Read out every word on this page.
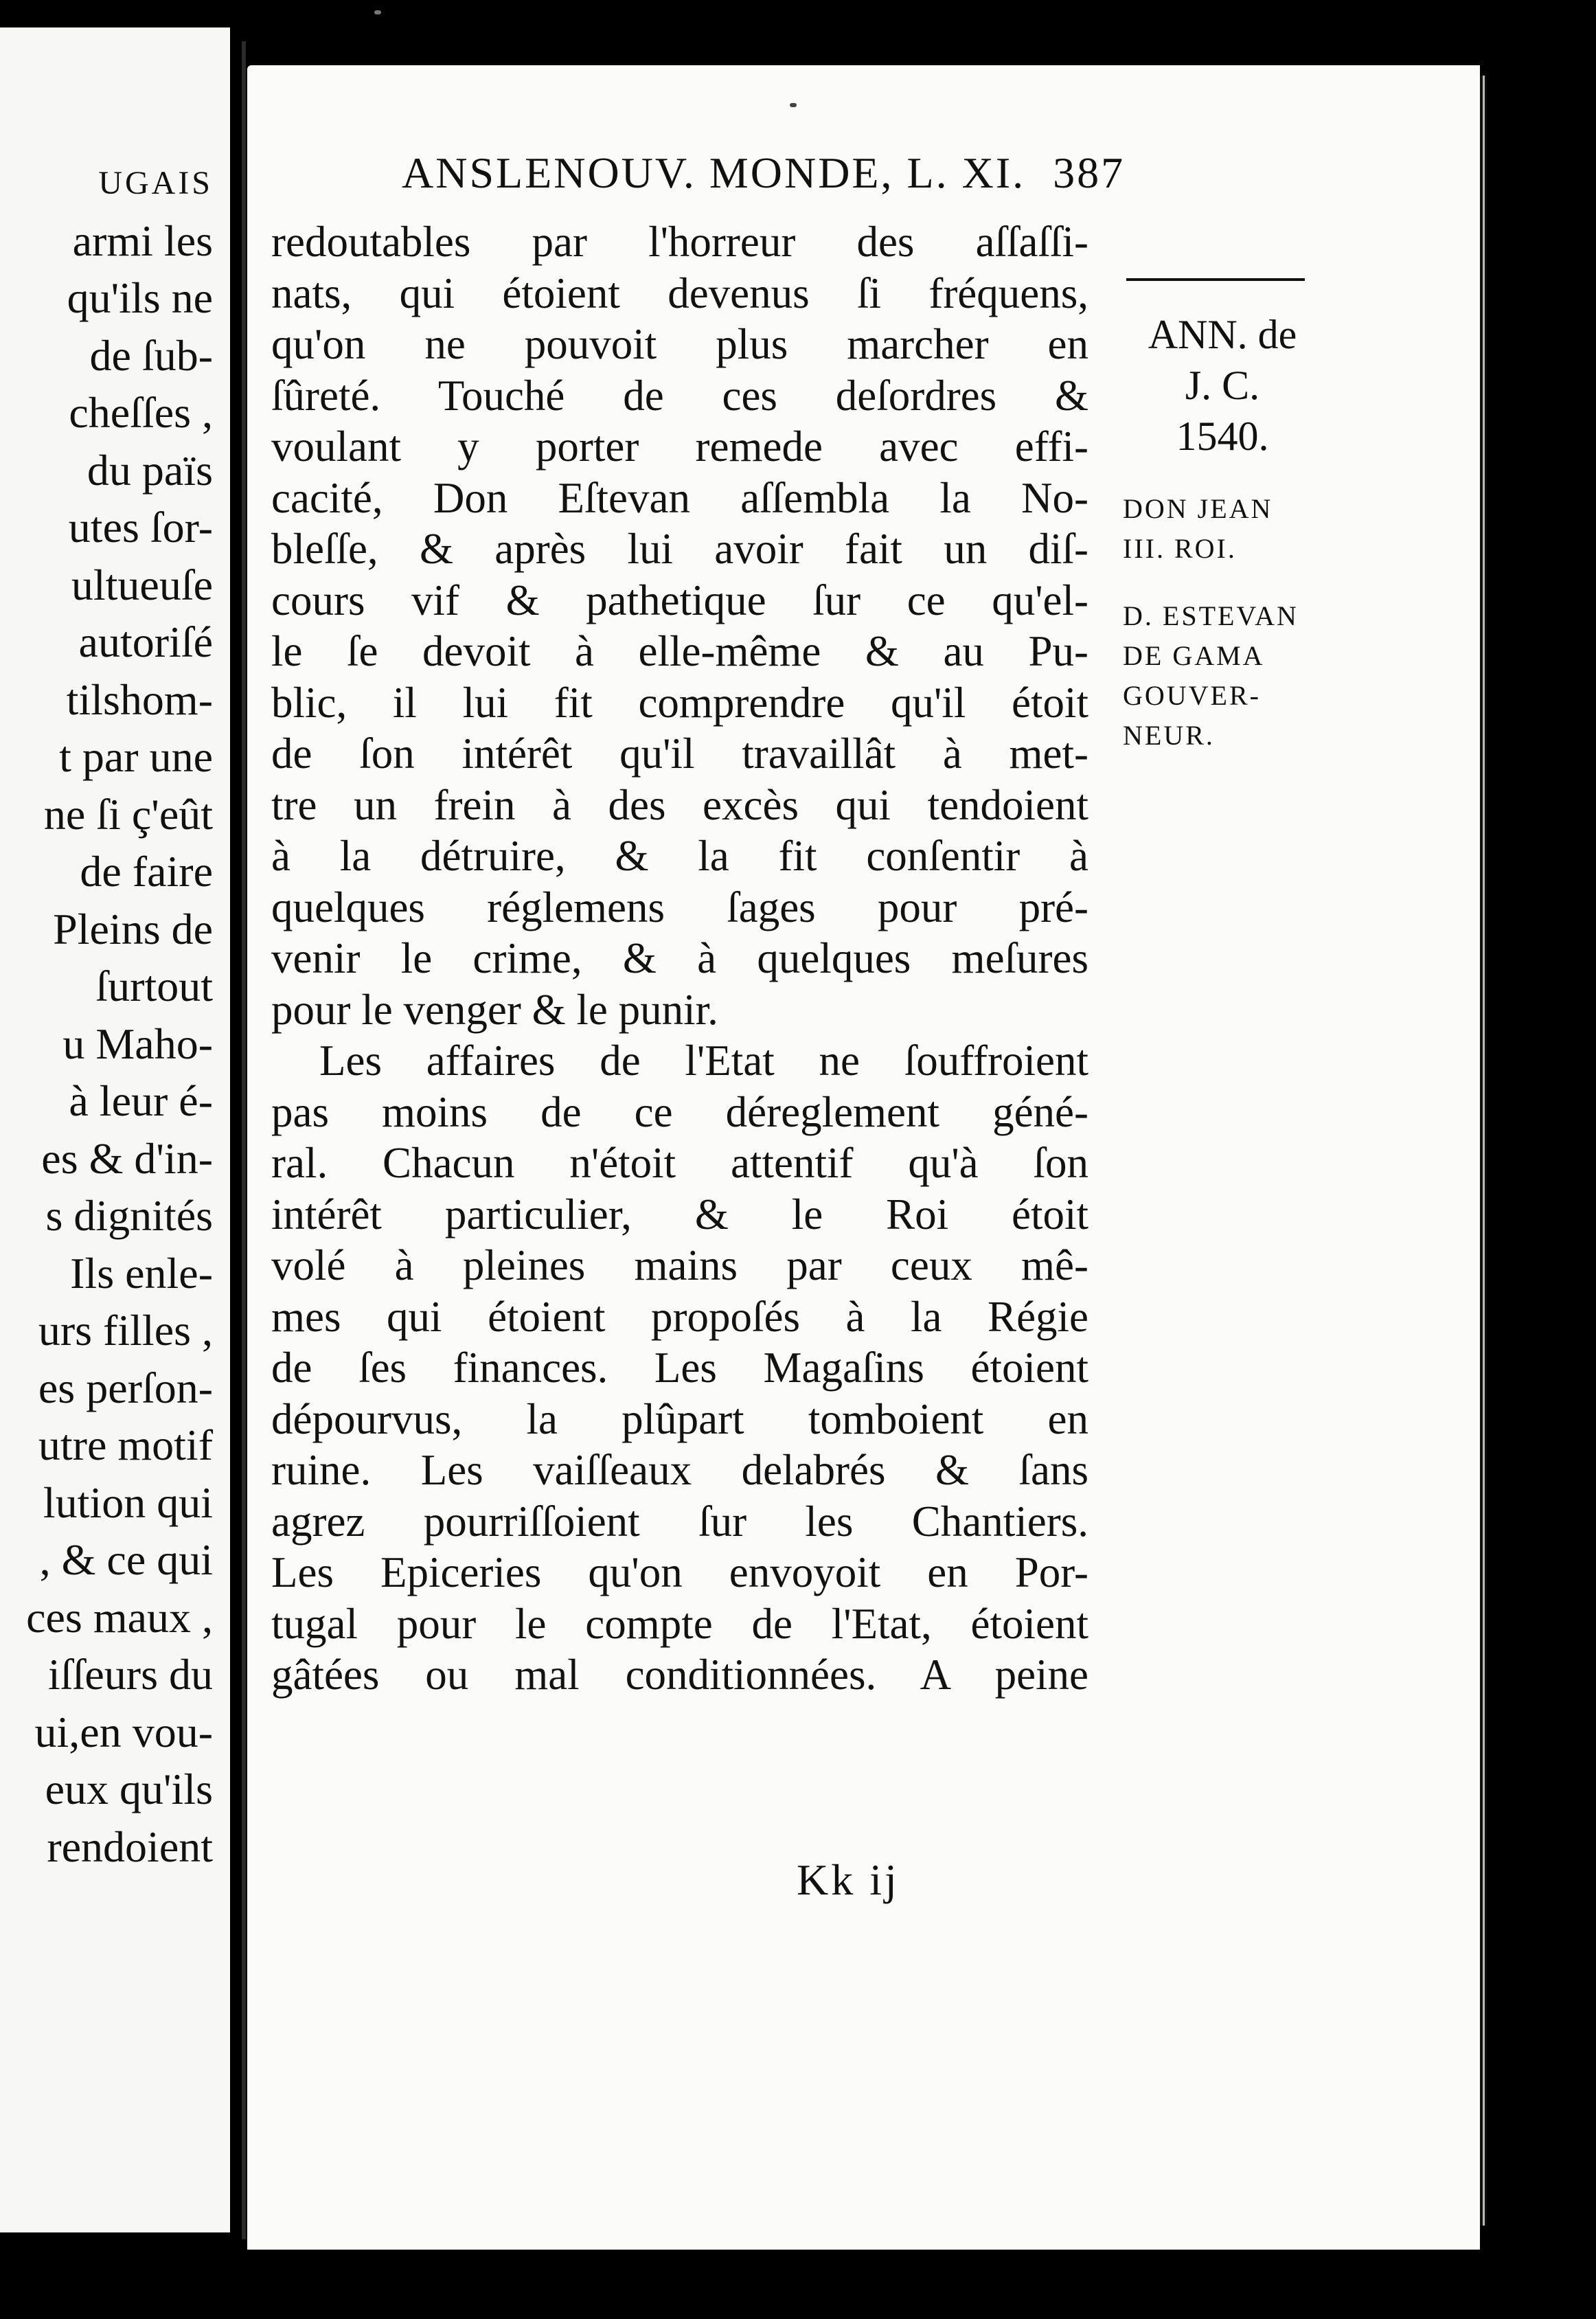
UGAIS
armi les
qu'ils ne
de ſub-
cheſſes ,
du païs
utes ſor-
ultueuſe
autoriſé
tilshom-
t par une
ne ſi ç'eût
de faire
Pleins de
ſurtout
u Maho-
à leur é-
es & d'in-
s dignités
Ils enle-
urs filles ,
es perſon-
utre motif
lution qui
, & ce qui
ces maux ,
iſſeurs du
ui,en vou-
eux qu'ils
rendoient
ANSLENOUV. MONDE, L. XI. 387
redoutables par l'horreur des aſſaſſi-
nats, qui étoient devenus ſi fréquens,
qu'on ne pouvoit plus marcher en
ſûreté. Touché de ces deſordres &
voulant y porter remede avec effi-
cacité, Don Eſtevan aſſembla la No-
bleſſe, & après lui avoir fait un diſ-
cours vif & pathetique ſur ce qu'el-
le ſe devoit à elle-même & au Pu-
blic, il lui fit comprendre qu'il étoit
de ſon intérêt qu'il travaillât à met-
tre un frein à des excès qui tendoient
à la détruire, & la fit conſentir à
quelques réglemens ſages pour pré-
venir le crime, & à quelques meſures
pour le venger & le punir.
Les affaires de l'Etat ne ſouffroient
pas moins de ce déreglement géné-
ral. Chacun n'étoit attentif qu'à ſon
intérêt particulier, & le Roi étoit
volé à pleines mains par ceux mê-
mes qui étoient propoſés à la Régie
de ſes finances. Les Magaſins étoient
dépourvus, la plûpart tomboient en
ruine. Les vaiſſeaux delabrés & ſans
agrez pourriſſoient ſur les Chantiers.
Les Epiceries qu'on envoyoit en Por-
tugal pour le compte de l'Etat, étoient
gâtées ou mal conditionnées. A peine
Kk ij
ANN. de
J. C.
1540.
DON JEAN
III. ROI.
D. ESTEVAN
DE GAMA
GOUVER-
NEUR.
